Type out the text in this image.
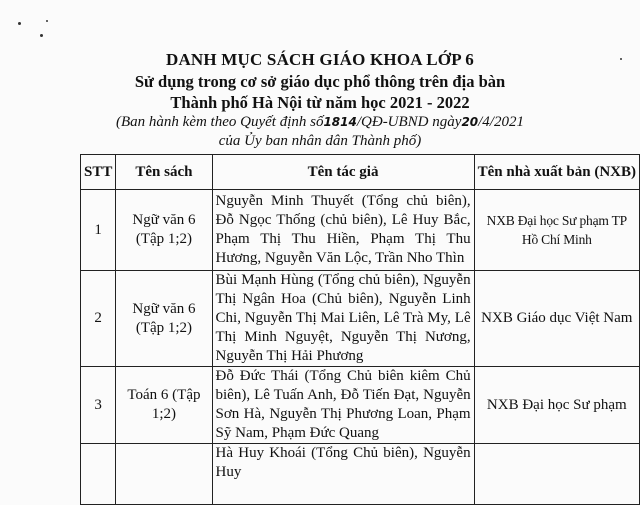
DANH MỤC SÁCH GIÁO KHOA LỚP 6
Sử dụng trong cơ sở giáo dục phổ thông trên địa bàn
Thành phố Hà Nội từ năm học 2021 - 2022
(Ban hành kèm theo Quyết định số1814/QĐ-UBND ngày20/4/2021
của Ủy ban nhân dân Thành phố)
STT	Tên sách	Tên tác giả	Tên nhà xuất bản (NXB)
1	Ngữ văn 6 (Tập 1;2)	Nguyễn Minh Thuyết (Tổng chủ biên), Đỗ Ngọc Thống (chủ biên), Lê Huy Bắc, Phạm Thị Thu Hiền, Phạm Thị Thu Hương, Nguyễn Văn Lộc, Trần Nho Thìn	NXB Đại học Sư phạm TP Hồ Chí Minh
2	Ngữ văn 6 (Tập 1;2)	Bùi Mạnh Hùng (Tổng chủ biên), Nguyễn Thị Ngân Hoa (Chủ biên), Nguyễn Linh Chi, Nguyễn Thị Mai Liên, Lê Trà My, Lê Thị Minh Nguyệt, Nguyễn Thị Nương, Nguyễn Thị Hải Phương	NXB Giáo dục Việt Nam
3	Toán 6 (Tập 1;2)	Đỗ Đức Thái (Tổng Chủ biên kiêm Chủ biên), Lê Tuấn Anh, Đỗ Tiến Đạt, Nguyễn Sơn Hà, Nguyễn Thị Phương Loan, Phạm Sỹ Nam, Phạm Đức Quang	NXB Đại học Sư phạm
		Hà Huy Khoái (Tổng Chủ biên), Nguyễn Huy	
